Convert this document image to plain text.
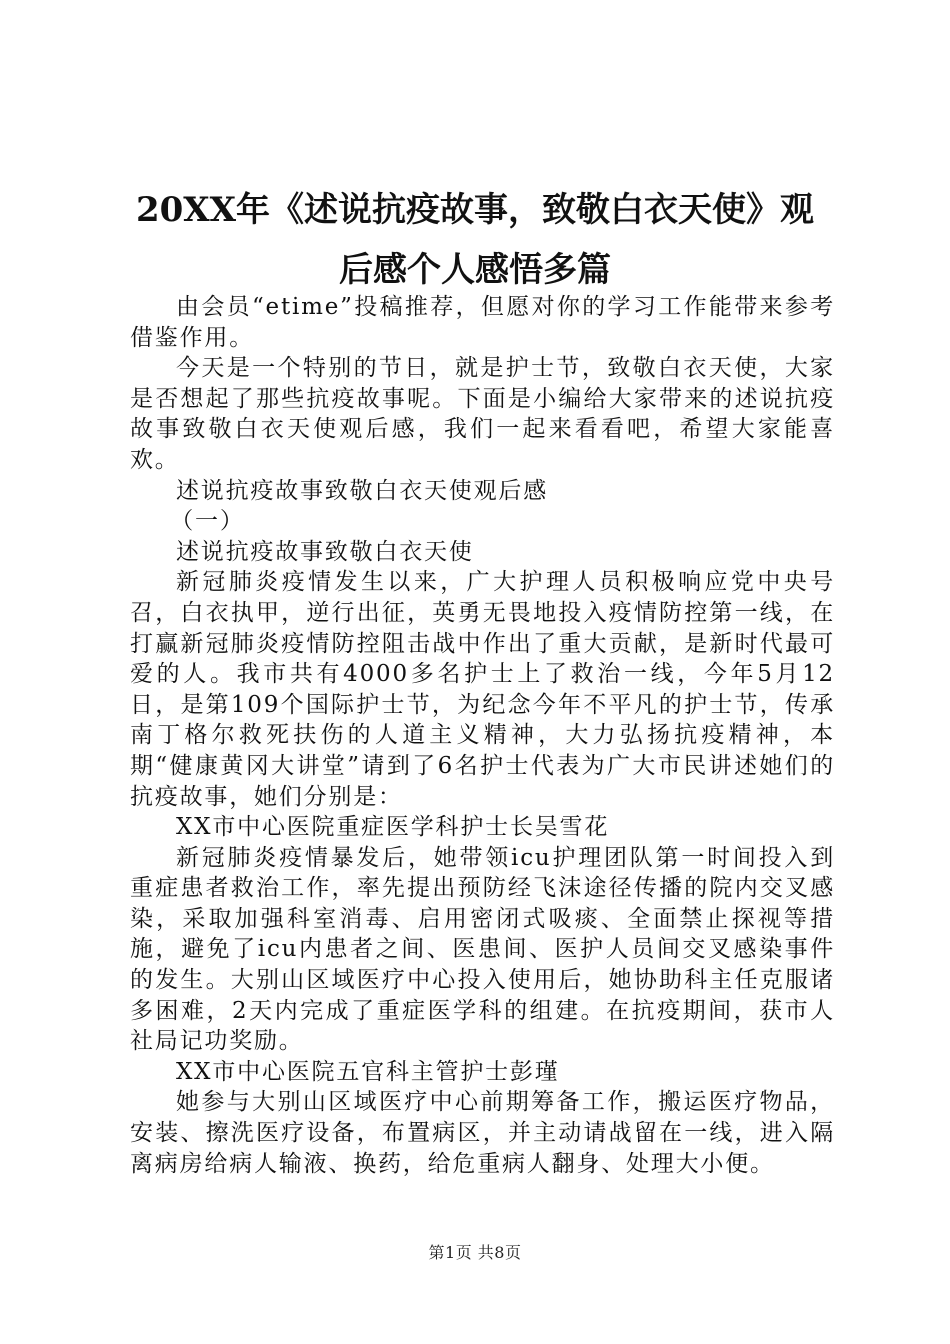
20XX年《述说抗疫故事，致敬白衣天使》观
后感个人感悟多篇

由会员“etime”投稿推荐，但愿对你的学习工作能带来参考借鉴作用。

今天是一个特别的节日，就是护士节，致敬白衣天使，大家是否想起了那些抗疫故事呢。下面是小编给大家带来的述说抗疫故事致敬白衣天使观后感，我们一起来看看吧，希望大家能喜欢。

述说抗疫故事致敬白衣天使观后感

（一）

述说抗疫故事致敬白衣天使

新冠肺炎疫情发生以来，广大护理人员积极响应党中央号召，白衣执甲，逆行出征，英勇无畏地投入疫情防控第一线，在打赢新冠肺炎疫情防控阻击战中作出了重大贡献，是新时代最可爱的人。我市共有4000多名护士上了救治一线，今年5月12日，是第109个国际护士节，为纪念今年不平凡的护士节，传承南丁格尔救死扶伤的人道主义精神，大力弘扬抗疫精神，本期“健康黄冈大讲堂”请到了6名护士代表为广大市民讲述她们的抗疫故事，她们分别是：

XX市中心医院重症医学科护士长吴雪花

新冠肺炎疫情暴发后，她带领icu护理团队第一时间投入到重症患者救治工作，率先提出预防经飞沫途径传播的院内交叉感染，采取加强科室消毒、启用密闭式吸痰、全面禁止探视等措施，避免了icu内患者之间、医患间、医护人员间交叉感染事件的发生。大别山区域医疗中心投入使用后，她协助科主任克服诸多困难，2天内完成了重症医学科的组建。在抗疫期间，获市人社局记功奖励。

XX市中心医院五官科主管护士彭瑾

她参与大别山区域医疗中心前期筹备工作，搬运医疗物品，安装、擦洗医疗设备，布置病区，并主动请战留在一线，进入隔离病房给病人输液、换药，给危重病人翻身、处理大小便。

第1页 共8页
